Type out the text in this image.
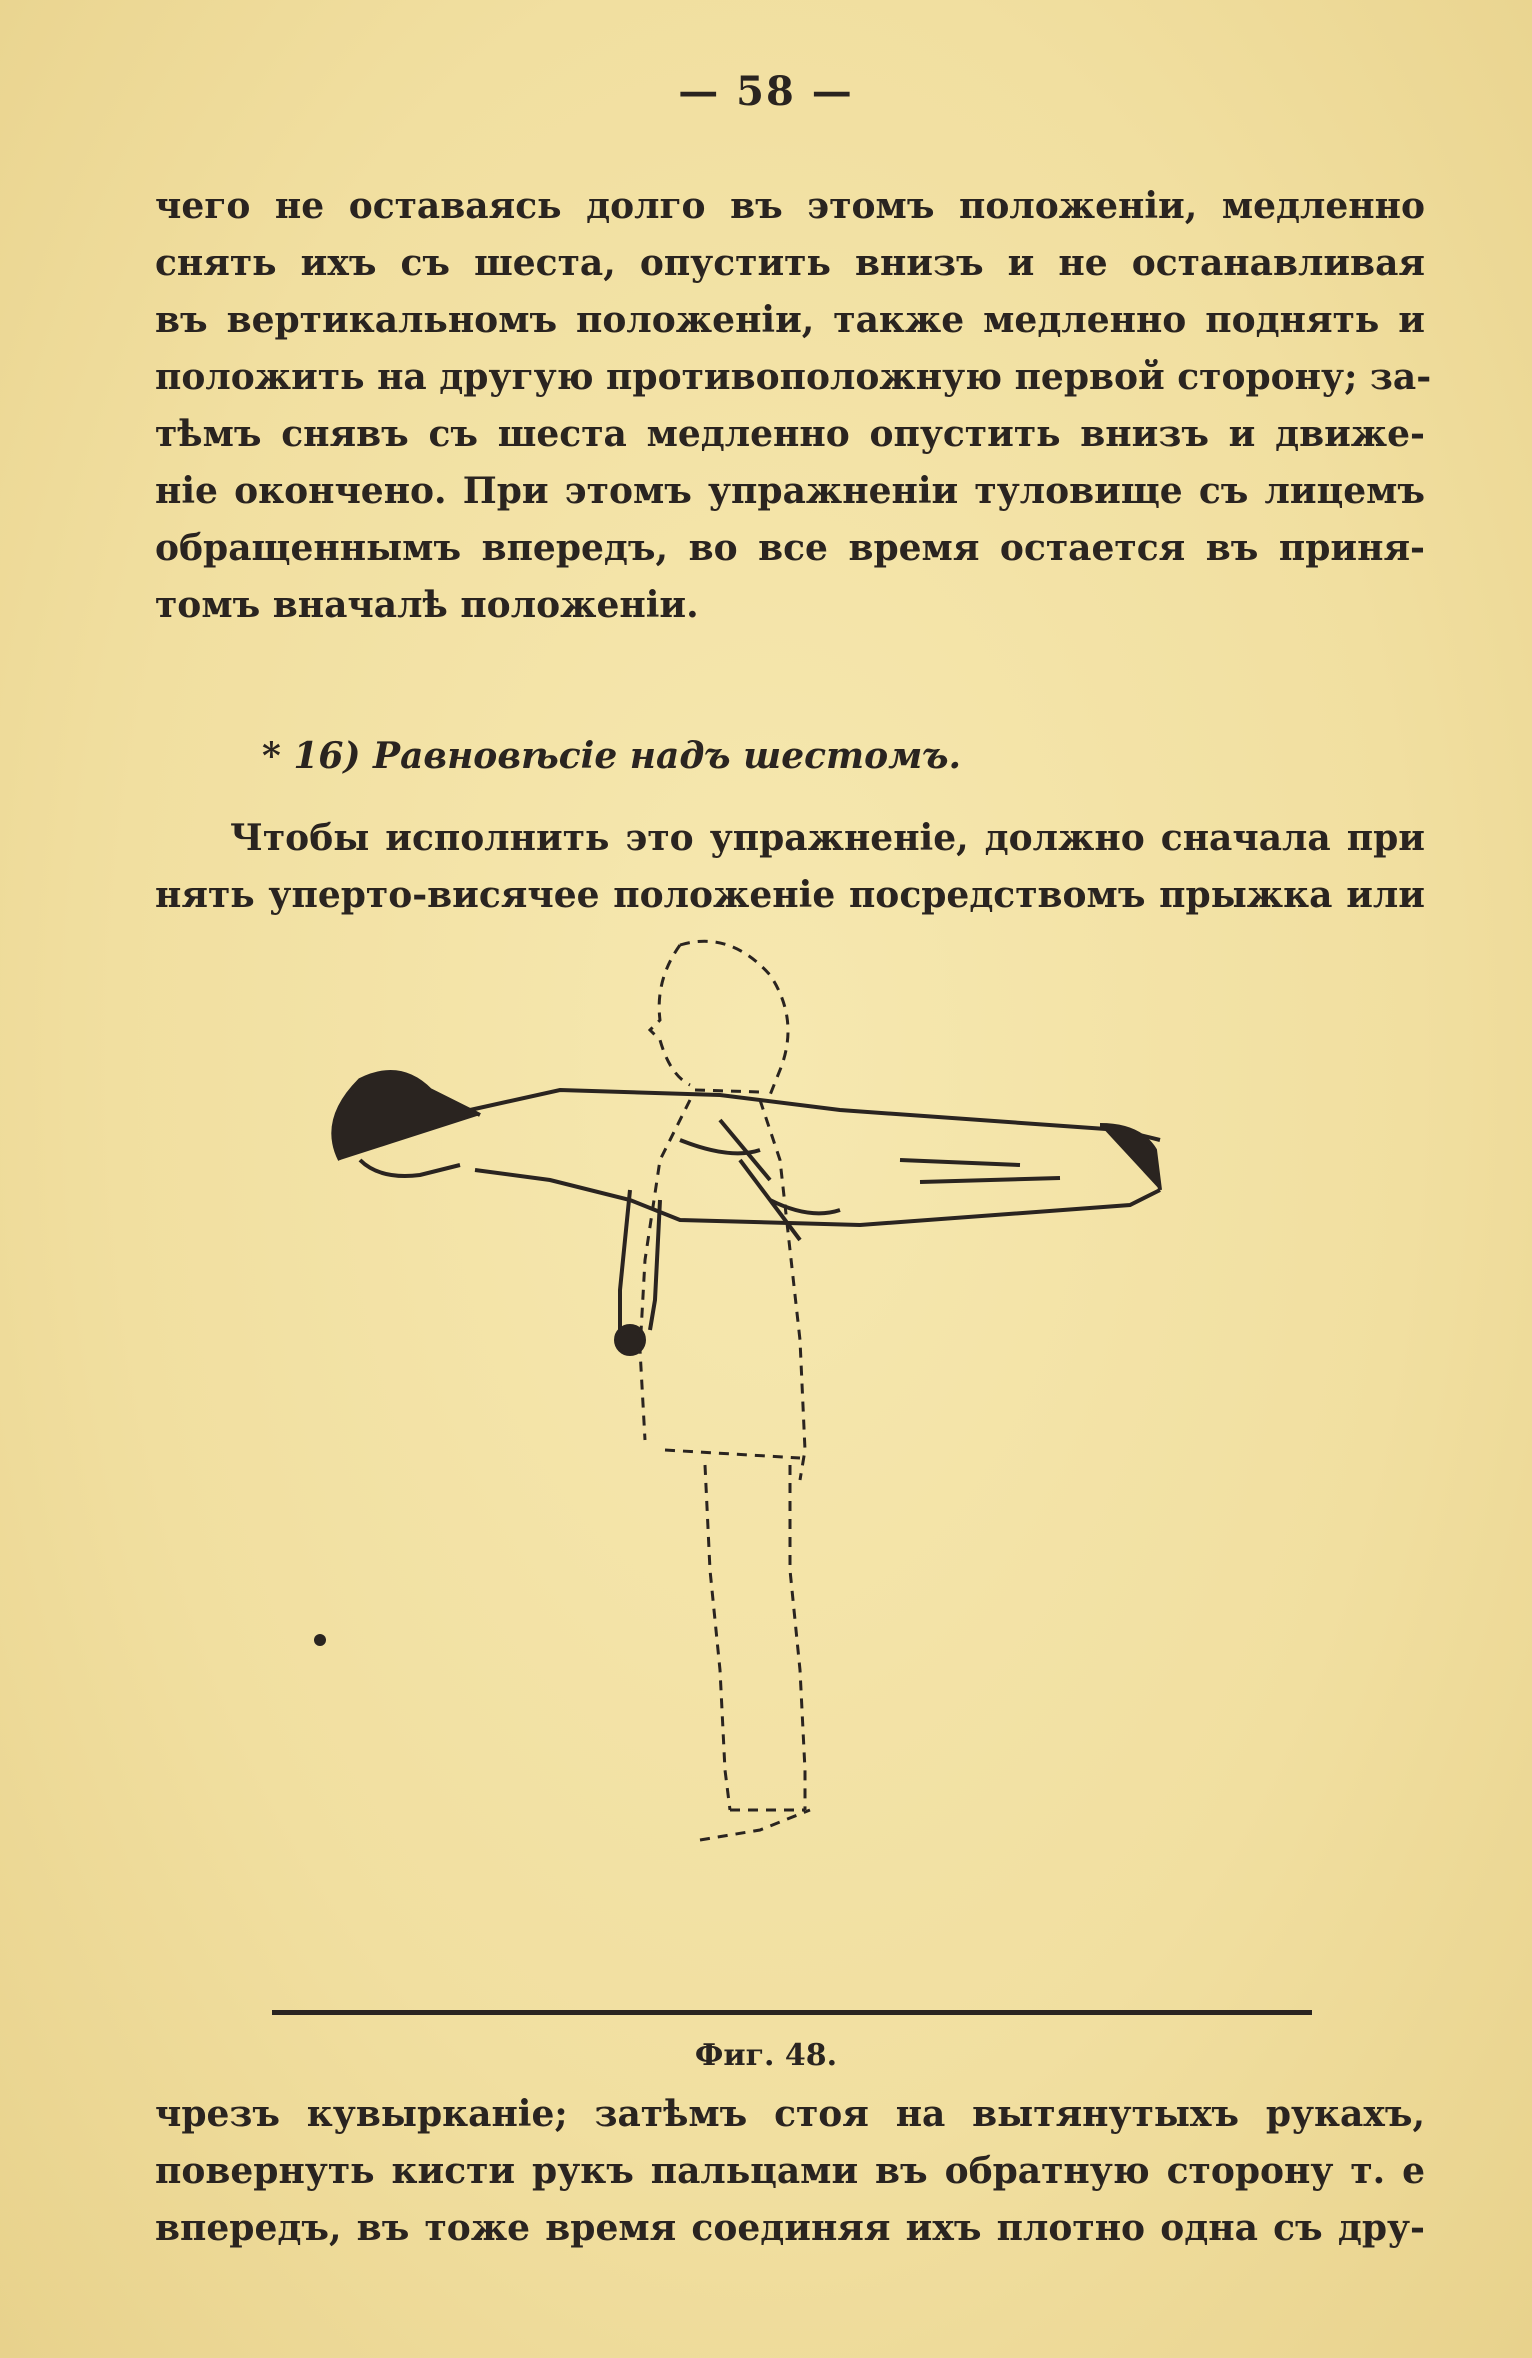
— 58 —
чего не оставаясь долго въ этомъ положенiи, медленно
снять ихъ съ шеста, опустить внизъ и не останавливая
въ вертикальномъ положенiи, также медленно поднять и
положить на другую противоположную первой сторону; за-
тѣмъ снявъ съ шеста медленно опустить внизъ и движе-
нiе окончено. При этомъ упражненiи туловище съ лицемъ
обращеннымъ впередъ, во все время остается въ приня-
томъ вначалѣ положенiи.
* 16) Равновѣсiе надъ шестомъ.
Чтобы исполнить это упражненiе, должно сначала при
нять уперто-висячее положенiе посредствомъ прыжка или
Фиг. 48.
чрезъ кувырканiе; затѣмъ стоя на вытянутыхъ рукахъ,
повернуть кисти рукъ пальцами въ обратную сторону т. е
впередъ, въ тоже время соединяя ихъ плотно одна съ дру-
